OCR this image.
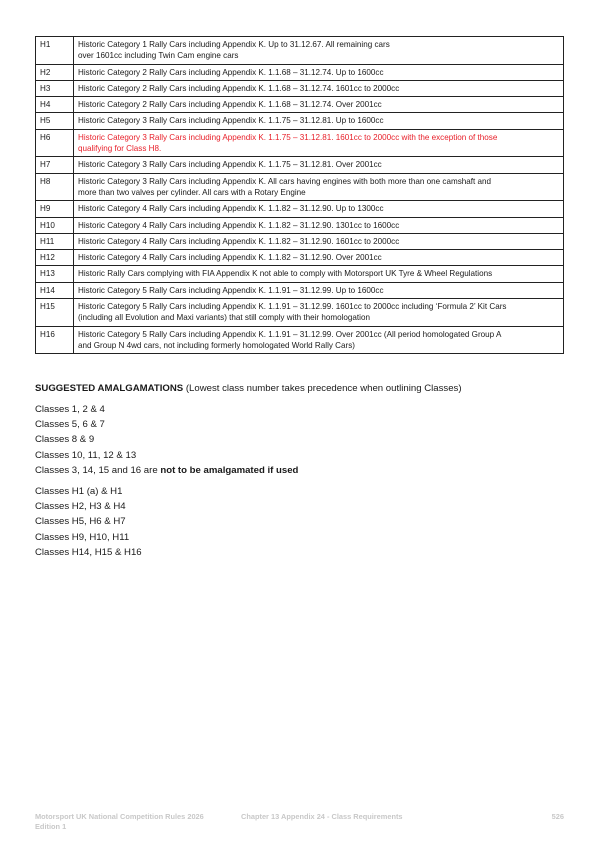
H1	Historic Category 1 Rally Cars including Appendix K. Up to 31.12.67. All remaining cars
over 1601cc including Twin Cam engine cars

H2	Historic Category 2 Rally Cars including Appendix K. 1.1.68 – 31.12.74. Up to 1600cc

H3	Historic Category 2 Rally Cars including Appendix K. 1.1.68 – 31.12.74. 1601cc to 2000cc

H4	Historic Category 2 Rally Cars including Appendix K. 1.1.68 – 31.12.74. Over 2001cc

H5	Historic Category 3 Rally Cars including Appendix K. 1.1.75 – 31.12.81. Up to 1600cc

H6	Historic Category 3 Rally Cars including Appendix K. 1.1.75 – 31.12.81. 1601cc to 2000cc with the exception of those
qualifying for Class H8.

H7	Historic Category 3 Rally Cars including Appendix K. 1.1.75 – 31.12.81. Over 2001cc

H8	Historic Category 3 Rally Cars including Appendix K. All cars having engines with both more than one camshaft and
more than two valves per cylinder. All cars with a Rotary Engine

H9	Historic Category 4 Rally Cars including Appendix K. 1.1.82 – 31.12.90. Up to 1300cc

H10	Historic Category 4 Rally Cars including Appendix K. 1.1.82 – 31.12.90. 1301cc to 1600cc

H11	Historic Category 4 Rally Cars including Appendix K. 1.1.82 – 31.12.90. 1601cc to 2000cc

H12	Historic Category 4 Rally Cars including Appendix K. 1.1.82 – 31.12.90. Over 2001cc

H13	Historic Rally Cars complying with FIA Appendix K not able to comply with Motorsport UK Tyre & Wheel Regulations

H14	Historic Category 5 Rally Cars including Appendix K. 1.1.91 – 31.12.99. Up to 1600cc

H15	Historic Category 5 Rally Cars including Appendix K. 1.1.91 – 31.12.99. 1601cc to 2000cc including ‘Formula 2’ Kit Cars
(including all Evolution and Maxi variants) that still comply with their homologation

H16	Historic Category 5 Rally Cars including Appendix K. 1.1.91 – 31.12.99. Over 2001cc (All period homologated Group A
and Group N 4wd cars, not including formerly homologated World Rally Cars)
SUGGESTED AMALGAMATIONS (Lowest class number takes precedence when outlining Classes)
Classes 1, 2 & 4
Classes 5, 6 & 7
Classes 8 & 9
Classes 10, 11, 12 & 13
Classes 3, 14, 15 and 16 are not to be amalgamated if used
Classes H1 (a) & H1
Classes H2, H3 & H4
Classes H5, H6 & H7
Classes H9, H10, H11
Classes H14, H15 & H16
Motorsport UK National Competition Rules 2026
Edition 1
Chapter 13 Appendix 24 - Class Requirements	526
